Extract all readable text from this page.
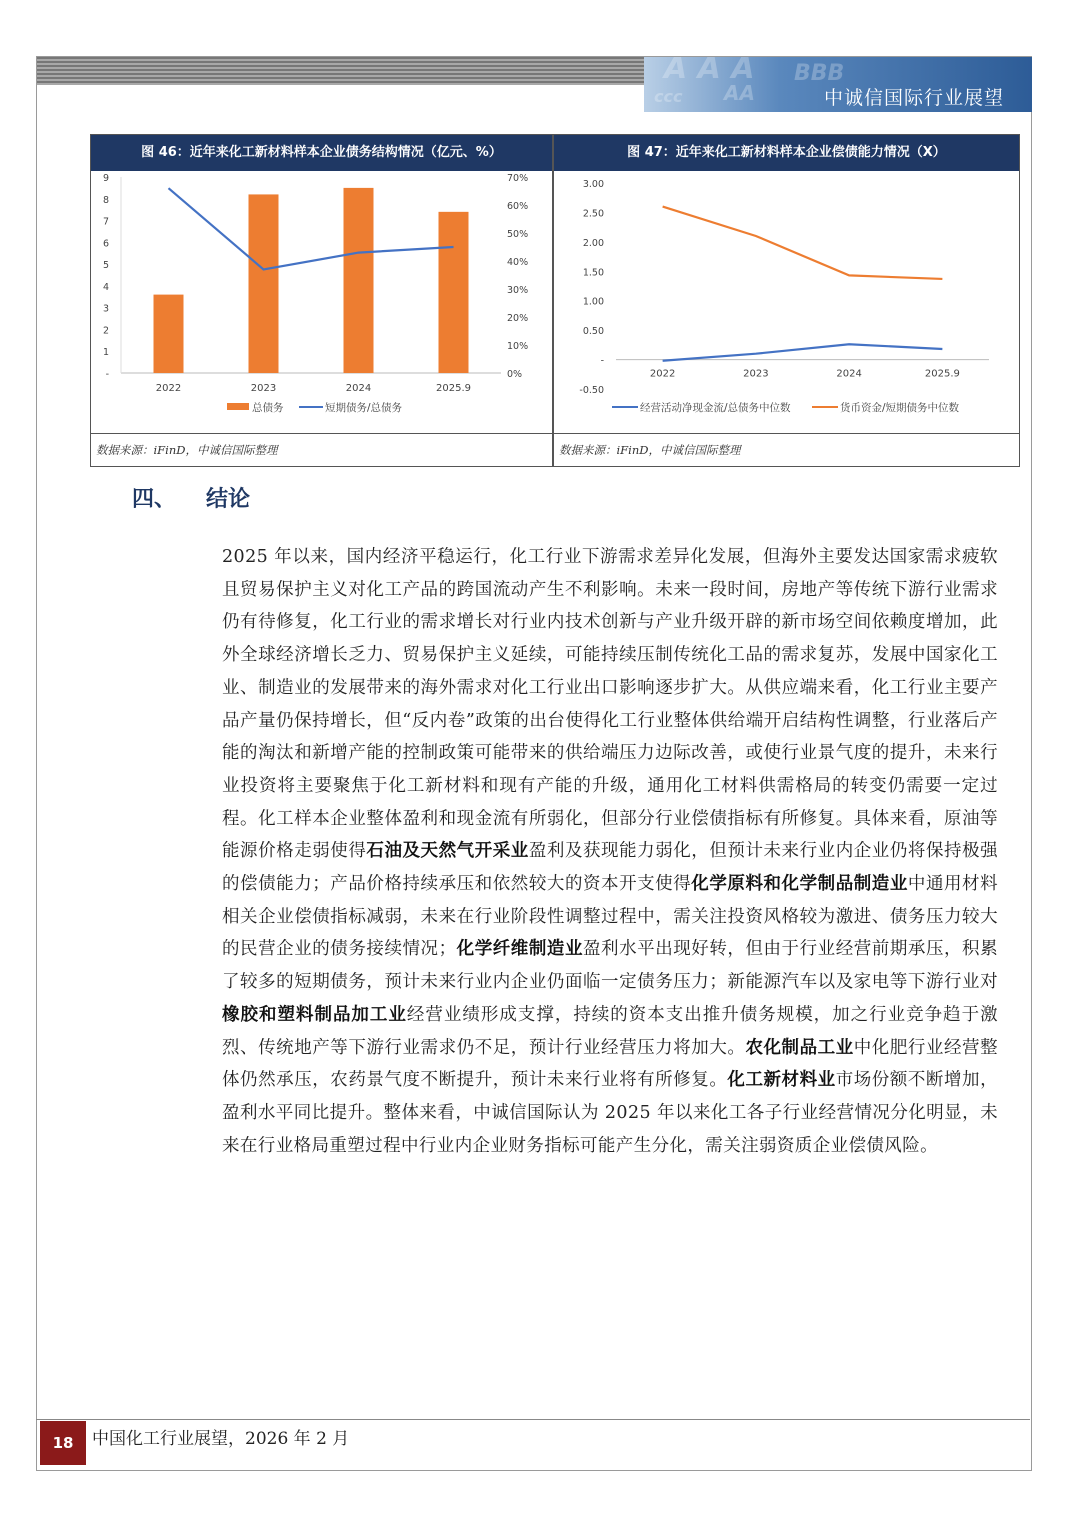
A A A BBB
AA
ccc	中诚信国际行业展望
图 46：近年来化工新材料样本企业债务结构情况（亿元、%）
-
1
2
3
4
5
6
7
8
9
0%
10%
20%
30%
40%
50%
60%
70%
2022	2023	2024	2025.9
总债务	短期债务/总债务
数据来源：iFinD，中诚信国际整理
图 47：近年来化工新材料样本企业偿债能力情况（X）
-0.50
-
0.50
1.00
1.50
2.00
2.50
3.00
2022	2023	2024	2025.9
经营活动净现金流/总债务中位数	货币资金/短期债务中位数
数据来源：iFinD，中诚信国际整理
四、 结论
2025 年以来，国内经济平稳运行，化工行业下游需求差异化发展，但海外主要发达国家需求疲软且贸易保护主义对化工产品的跨国流动产生不利影响。未来一段时间，房地产等传统下游行业需求仍有待修复，化工行业的需求增长对行业内技术创新与产业升级开辟的新市场空间依赖度增加，此外全球经济增长乏力、贸易保护主义延续，可能持续压制传统化工品的需求复苏，发展中国家化工业、制造业的发展带来的海外需求对化工行业出口影响逐步扩大。从供应端来看，化工行业主要产品产量仍保持增长，但“反内卷”政策的出台使得化工行业整体供给端开启结构性调整，行业落后产能的淘汰和新增产能的控制政策可能带来的供给端压力边际改善，或使行业景气度的提升，未来行业投资将主要聚焦于化工新材料和现有产能的升级，通用化工材料供需格局的转变仍需要一定过程。化工样本企业整体盈利和现金流有所弱化，但部分行业偿债指标有所修复。具体来看，原油等能源价格走弱使得石油及天然气开采业盈利及获现能力弱化，但预计未来行业内企业仍将保持极强的偿债能力；产品价格持续承压和依然较大的资本开支使得化学原料和化学制品制造业中通用材料相关企业偿债指标减弱，未来在行业阶段性调整过程中，需关注投资风格较为激进、债务压力较大的民营企业的债务接续情况；化学纤维制造业盈利水平出现好转，但由于行业经营前期承压，积累了较多的短期债务，预计未来行业内企业仍面临一定债务压力；新能源汽车以及家电等下游行业对橡胶和塑料制品加工业经营业绩形成支撑，持续的资本支出推升债务规模，加之行业竞争趋于激烈、传统地产等下游行业需求仍不足，预计行业经营压力将加大。农化制品工业中化肥行业经营整体仍然承压，农药景气度不断提升，预计未来行业将有所修复。化工新材料业市场份额不断增加，盈利水平同比提升。整体来看，中诚信国际认为 2025 年以来化工各子行业经营情况分化明显，未来在行业格局重塑过程中行业内企业财务指标可能产生分化，需关注弱资质企业偿债风险。
18	中国化工行业展望，2026 年 2 月
